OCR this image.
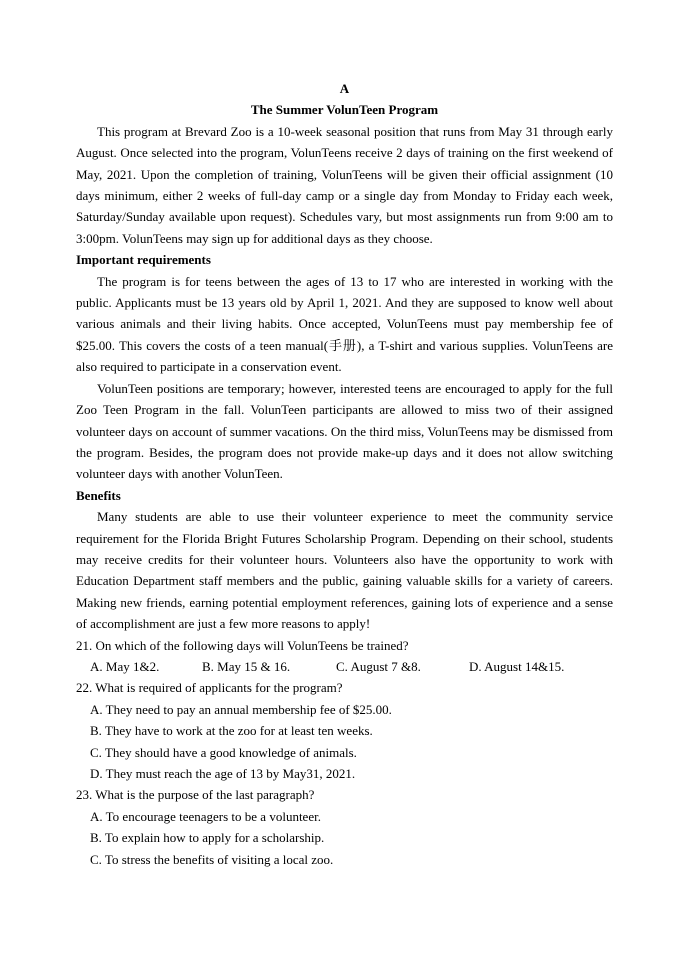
A

The Summer VolunTeen Program

This program at Brevard Zoo is a 10-week seasonal position that runs from May 31 through early August. Once selected into the program, VolunTeens receive 2 days of training on the first weekend of May, 2021. Upon the completion of training, VolunTeens will be given their official assignment (10 days minimum, either 2 weeks of full-day camp or a single day from Monday to Friday each week, Saturday/Sunday available upon request). Schedules vary, but most assignments run from 9:00 am to 3:00pm. VolunTeens may sign up for additional days as they choose.

Important requirements

The program is for teens between the ages of 13 to 17 who are interested in working with the public. Applicants must be 13 years old by April 1, 2021. And they are supposed to know well about various animals and their living habits. Once accepted, VolunTeens must pay membership fee of $25.00. This covers the costs of a teen manual(手册), a T-shirt and various supplies. VolunTeens are also required to participate in a conservation event.

VolunTeen positions are temporary; however, interested teens are encouraged to apply for the full Zoo Teen Program in the fall. VolunTeen participants are allowed to miss two of their assigned volunteer days on account of summer vacations. On the third miss, VolunTeens may be dismissed from the program. Besides, the program does not provide make-up days and it does not allow switching volunteer days with another VolunTeen.

Benefits

Many students are able to use their volunteer experience to meet the community service requirement for the Florida Bright Futures Scholarship Program. Depending on their school, students may receive credits for their volunteer hours. Volunteers also have the opportunity to work with Education Department staff members and the public, gaining valuable skills for a variety of careers. Making new friends, earning potential employment references, gaining lots of experience and a sense of accomplishment are just a few more reasons to apply!

21. On which of the following days will VolunTeens be trained?

A. May 1&2.	B. May 15 & 16.	C. August 7 &8.	D. August 14&15.

22. What is required of applicants for the program?

A. They need to pay an annual membership fee of $25.00.

B. They have to work at the zoo for at least ten weeks.

C. They should have a good knowledge of animals.

D. They must reach the age of 13 by May31, 2021.

23. What is the purpose of the last paragraph?

A. To encourage teenagers to be a volunteer.

B. To explain how to apply for a scholarship.

C. To stress the benefits of visiting a local zoo.
